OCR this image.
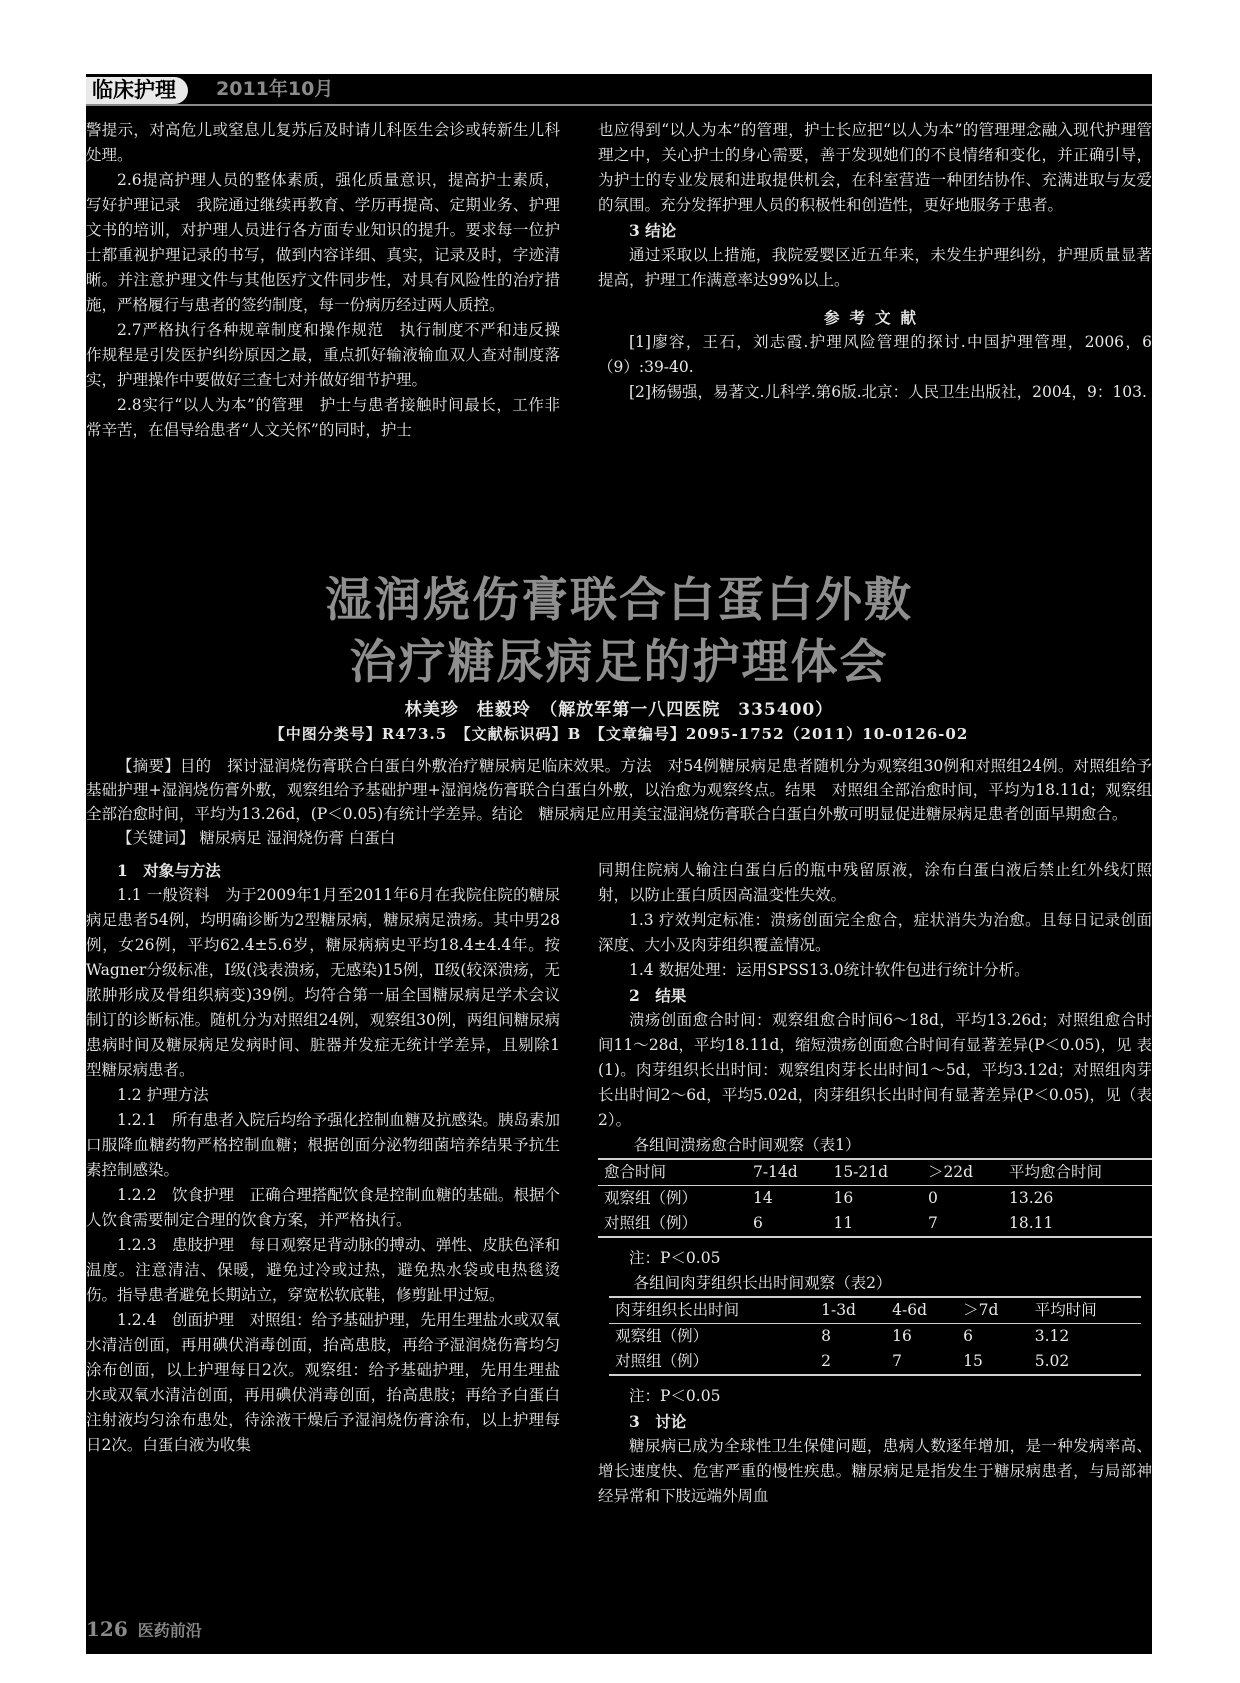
临床护理	2011年10月

警提示，对高危儿或窒息儿复苏后及时请儿科医生会诊或转新生儿科处理。

2.6提高护理人员的整体素质，强化质量意识，提高护士素质，写好护理记录　我院通过继续再教育、学历再提高、定期业务、护理文书的培训，对护理人员进行各方面专业知识的提升。要求每一位护士都重视护理记录的书写，做到内容详细、真实，记录及时，字迹清晰。并注意护理文件与其他医疗文件同步性，对具有风险性的治疗措施，严格履行与患者的签约制度，每一份病历经过两人质控。

2.7严格执行各种规章制度和操作规范　执行制度不严和违反操作规程是引发医护纠纷原因之最，重点抓好输液输血双人查对制度落实，护理操作中要做好三查七对并做好细节护理。

2.8实行“以人为本”的管理　护士与患者接触时间最长，工作非常辛苦，在倡导给患者“人文关怀”的同时，护士

也应得到“以人为本”的管理，护士长应把“以人为本”的管理理念融入现代护理管理之中，关心护士的身心需要，善于发现她们的不良情绪和变化，并正确引导，为护士的专业发展和进取提供机会，在科室营造一种团结协作、充满进取与友爱的氛围。充分发挥护理人员的积极性和创造性，更好地服务于患者。

3 结论

通过采取以上措施，我院爱婴区近五年来，未发生护理纠纷，护理质量显著提高，护理工作满意率达99%以上。

参考文献

[1]廖容，王石，刘志霞.护理风险管理的探讨.中国护理管理，2006，6（9）:39-40.

[2]杨锡强，易著文.儿科学.第6版.北京：人民卫生出版社，2004，9：103.

湿润烧伤膏联合白蛋白外敷
治疗糖尿病足的护理体会
林美珍　桂毅玲　（解放军第一八四医院　335400）
【中图分类号】R473.5　【文献标识码】B　【文章编号】2095-1752（2011）10-0126-02

【摘要】目的　探讨湿润烧伤膏联合白蛋白外敷治疗糖尿病足临床效果。方法　对54例糖尿病足患者随机分为观察组30例和对照组24例。对照组给予基础护理+湿润烧伤膏外敷，观察组给予基础护理+湿润烧伤膏联合白蛋白外敷，以治愈为观察终点。结果　对照组全部治愈时间，平均为18.11d；观察组全部治愈时间，平均为13.26d，(P＜0.05)有统计学差异。结论　糖尿病足应用美宝湿润烧伤膏联合白蛋白外敷可明显促进糖尿病足患者创面早期愈合。

【关键词】 糖尿病足 湿润烧伤膏 白蛋白

1　对象与方法

1.1 一般资料　为于2009年1月至2011年6月在我院住院的糖尿病足患者54例，均明确诊断为2型糖尿病，糖尿病足溃疡。其中男28例，女26例，平均62.4±5.6岁，糖尿病病史平均18.4±4.4年。按Wagner分级标准，Ⅰ级(浅表溃疡，无感染)15例，Ⅱ级(较深溃疡，无脓肿形成及骨组织病变)39例。均符合第一届全国糖尿病足学术会议制订的诊断标准。随机分为对照组24例，观察组30例，两组间糖尿病患病时间及糖尿病足发病时间、脏器并发症无统计学差异，且剔除1型糖尿病患者。

1.2 护理方法

1.2.1　所有患者入院后均给予强化控制血糖及抗感染。胰岛素加口服降血糖药物严格控制血糖；根据创面分泌物细菌培养结果予抗生素控制感染。

1.2.2　饮食护理　正确合理搭配饮食是控制血糖的基础。根据个人饮食需要制定合理的饮食方案，并严格执行。

1.2.3　患肢护理　每日观察足背动脉的搏动、弹性、皮肤色泽和温度。注意清洁、保暖，避免过冷或过热，避免热水袋或电热毯烫伤。指导患者避免长期站立，穿宽松软底鞋，修剪趾甲过短。

1.2.4　创面护理　对照组：给予基础护理，先用生理盐水或双氧水清洁创面，再用碘伏消毒创面，抬高患肢，再给予湿润烧伤膏均匀涂布创面，以上护理每日2次。观察组：给予基础护理，先用生理盐水或双氧水清洁创面，再用碘伏消毒创面，抬高患肢；再给予白蛋白注射液均匀涂布患处，待涂液干燥后予湿润烧伤膏涂布，以上护理每日2次。白蛋白液为收集

同期住院病人输注白蛋白后的瓶中残留原液，涂布白蛋白液后禁止红外线灯照射，以防止蛋白质因高温变性失效。

1.3 疗效判定标准：溃疡创面完全愈合，症状消失为治愈。且每日记录创面深度、大小及肉芽组织覆盖情况。

1.4 数据处理：运用SPSS13.0统计软件包进行统计分析。

2　结果

溃疡创面愈合时间：观察组愈合时间6～18d，平均13.26d；对照组愈合时间11～28d，平均18.11d，缩短溃疡创面愈合时间有显著差异(P＜0.05)，见 表(1)。肉芽组织长出时间：观察组肉芽长出时间1～5d，平均3.12d；对照组肉芽长出时间2～6d，平均5.02d，肉芽组织长出时间有显著差异(P＜0.05)，见（表2）。

各组间溃疡愈合时间观察（表1）
愈合时间	7-14d	15-21d	＞22d	平均愈合时间
观察组（例）	14	16	0	13.26
对照组（例）	6	11	7	18.11

注：P＜0.05

各组间肉芽组织长出时间观察（表2）
肉芽组织长出时间	1-3d	4-6d	＞7d	平均时间
观察组（例）	8	16	6	3.12
对照组（例）	2	7	15	5.02

注：P＜0.05

3　讨论

糖尿病已成为全球性卫生保健问题，患病人数逐年增加，是一种发病率高、增长速度快、危害严重的慢性疾患。糖尿病足是指发生于糖尿病患者，与局部神经异常和下肢远端外周血

126 医药前沿
